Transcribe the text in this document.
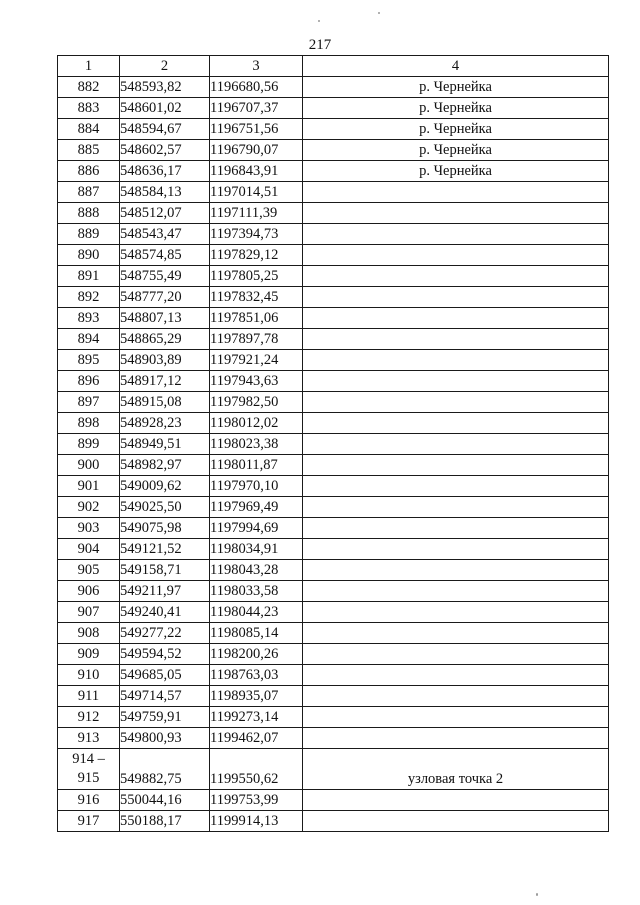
217
1	2	3	4
882	548593,82	1196680,56	р. Чернейка
883	548601,02	1196707,37	р. Чернейка
884	548594,67	1196751,56	р. Чернейка
885	548602,57	1196790,07	р. Чернейка
886	548636,17	1196843,91	р. Чернейка
887	548584,13	1197014,51	
888	548512,07	1197111,39	
889	548543,47	1197394,73	
890	548574,85	1197829,12	
891	548755,49	1197805,25	
892	548777,20	1197832,45	
893	548807,13	1197851,06	
894	548865,29	1197897,78	
895	548903,89	1197921,24	
896	548917,12	1197943,63	
897	548915,08	1197982,50	
898	548928,23	1198012,02	
899	548949,51	1198023,38	
900	548982,97	1198011,87	
901	549009,62	1197970,10	
902	549025,50	1197969,49	
903	549075,98	1197994,69	
904	549121,52	1198034,91	
905	549158,71	1198043,28	
906	549211,97	1198033,58	
907	549240,41	1198044,23	
908	549277,22	1198085,14	
909	549594,52	1198200,26	
910	549685,05	1198763,03	
911	549714,57	1198935,07	
912	549759,91	1199273,14	
913	549800,93	1199462,07	
914 –
915	549882,75	1199550,62	узловая точка 2
916	550044,16	1199753,99	
917	550188,17	1199914,13	
